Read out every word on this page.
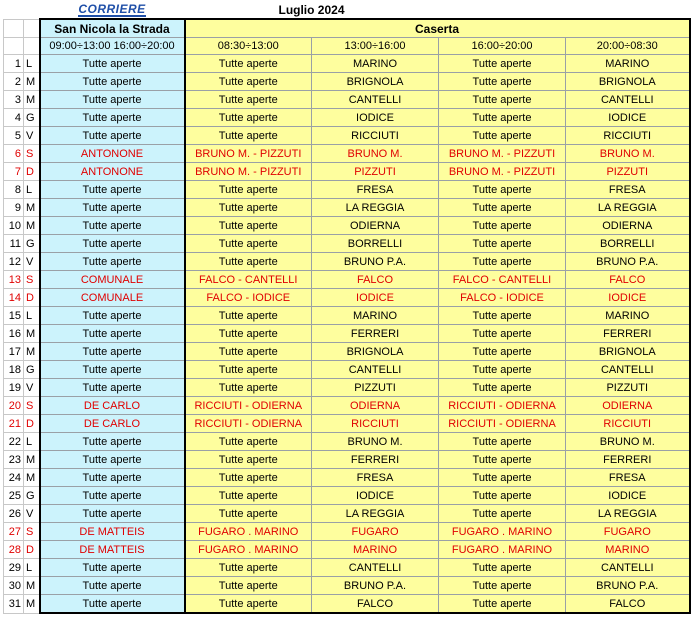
		CORRIERE	Luglio 2024			
		San Nicola la Strada	Caserta			
		09:00÷13:00 16:00÷20:00	08:30÷13:00	13:00÷16:00	16:00÷20:00	20:00÷08:30
1	L	Tutte aperte	Tutte aperte	MARINO	Tutte aperte	MARINO
2	M	Tutte aperte	Tutte aperte	BRIGNOLA	Tutte aperte	BRIGNOLA
3	M	Tutte aperte	Tutte aperte	CANTELLI	Tutte aperte	CANTELLI
4	G	Tutte aperte	Tutte aperte	IODICE	Tutte aperte	IODICE
5	V	Tutte aperte	Tutte aperte	RICCIUTI	Tutte aperte	RICCIUTI
6	S	ANTONONE	BRUNO M. - PIZZUTI	BRUNO M.	BRUNO M. - PIZZUTI	BRUNO M.
7	D	ANTONONE	BRUNO M. - PIZZUTI	PIZZUTI	BRUNO M. - PIZZUTI	PIZZUTI
8	L	Tutte aperte	Tutte aperte	FRESA	Tutte aperte	FRESA
9	M	Tutte aperte	Tutte aperte	LA REGGIA	Tutte aperte	LA REGGIA
10	M	Tutte aperte	Tutte aperte	ODIERNA	Tutte aperte	ODIERNA
11	G	Tutte aperte	Tutte aperte	BORRELLI	Tutte aperte	BORRELLI
12	V	Tutte aperte	Tutte aperte	BRUNO P.A.	Tutte aperte	BRUNO P.A.
13	S	COMUNALE	FALCO - CANTELLI	FALCO	FALCO - CANTELLI	FALCO
14	D	COMUNALE	FALCO - IODICE	IODICE	FALCO - IODICE	IODICE
15	L	Tutte aperte	Tutte aperte	MARINO	Tutte aperte	MARINO
16	M	Tutte aperte	Tutte aperte	FERRERI	Tutte aperte	FERRERI
17	M	Tutte aperte	Tutte aperte	BRIGNOLA	Tutte aperte	BRIGNOLA
18	G	Tutte aperte	Tutte aperte	CANTELLI	Tutte aperte	CANTELLI
19	V	Tutte aperte	Tutte aperte	PIZZUTI	Tutte aperte	PIZZUTI
20	S	DE CARLO	RICCIUTI - ODIERNA	ODIERNA	RICCIUTI - ODIERNA	ODIERNA
21	D	DE CARLO	RICCIUTI - ODIERNA	RICCIUTI	RICCIUTI - ODIERNA	RICCIUTI
22	L	Tutte aperte	Tutte aperte	BRUNO M.	Tutte aperte	BRUNO M.
23	M	Tutte aperte	Tutte aperte	FERRERI	Tutte aperte	FERRERI
24	M	Tutte aperte	Tutte aperte	FRESA	Tutte aperte	FRESA
25	G	Tutte aperte	Tutte aperte	IODICE	Tutte aperte	IODICE
26	V	Tutte aperte	Tutte aperte	LA REGGIA	Tutte aperte	LA REGGIA
27	S	DE MATTEIS	FUGARO . MARINO	FUGARO	FUGARO . MARINO	FUGARO
28	D	DE MATTEIS	FUGARO . MARINO	MARINO	FUGARO . MARINO	MARINO
29	L	Tutte aperte	Tutte aperte	CANTELLI	Tutte aperte	CANTELLI
30	M	Tutte aperte	Tutte aperte	BRUNO P.A.	Tutte aperte	BRUNO P.A.
31	M	Tutte aperte	Tutte aperte	FALCO	Tutte aperte	FALCO
